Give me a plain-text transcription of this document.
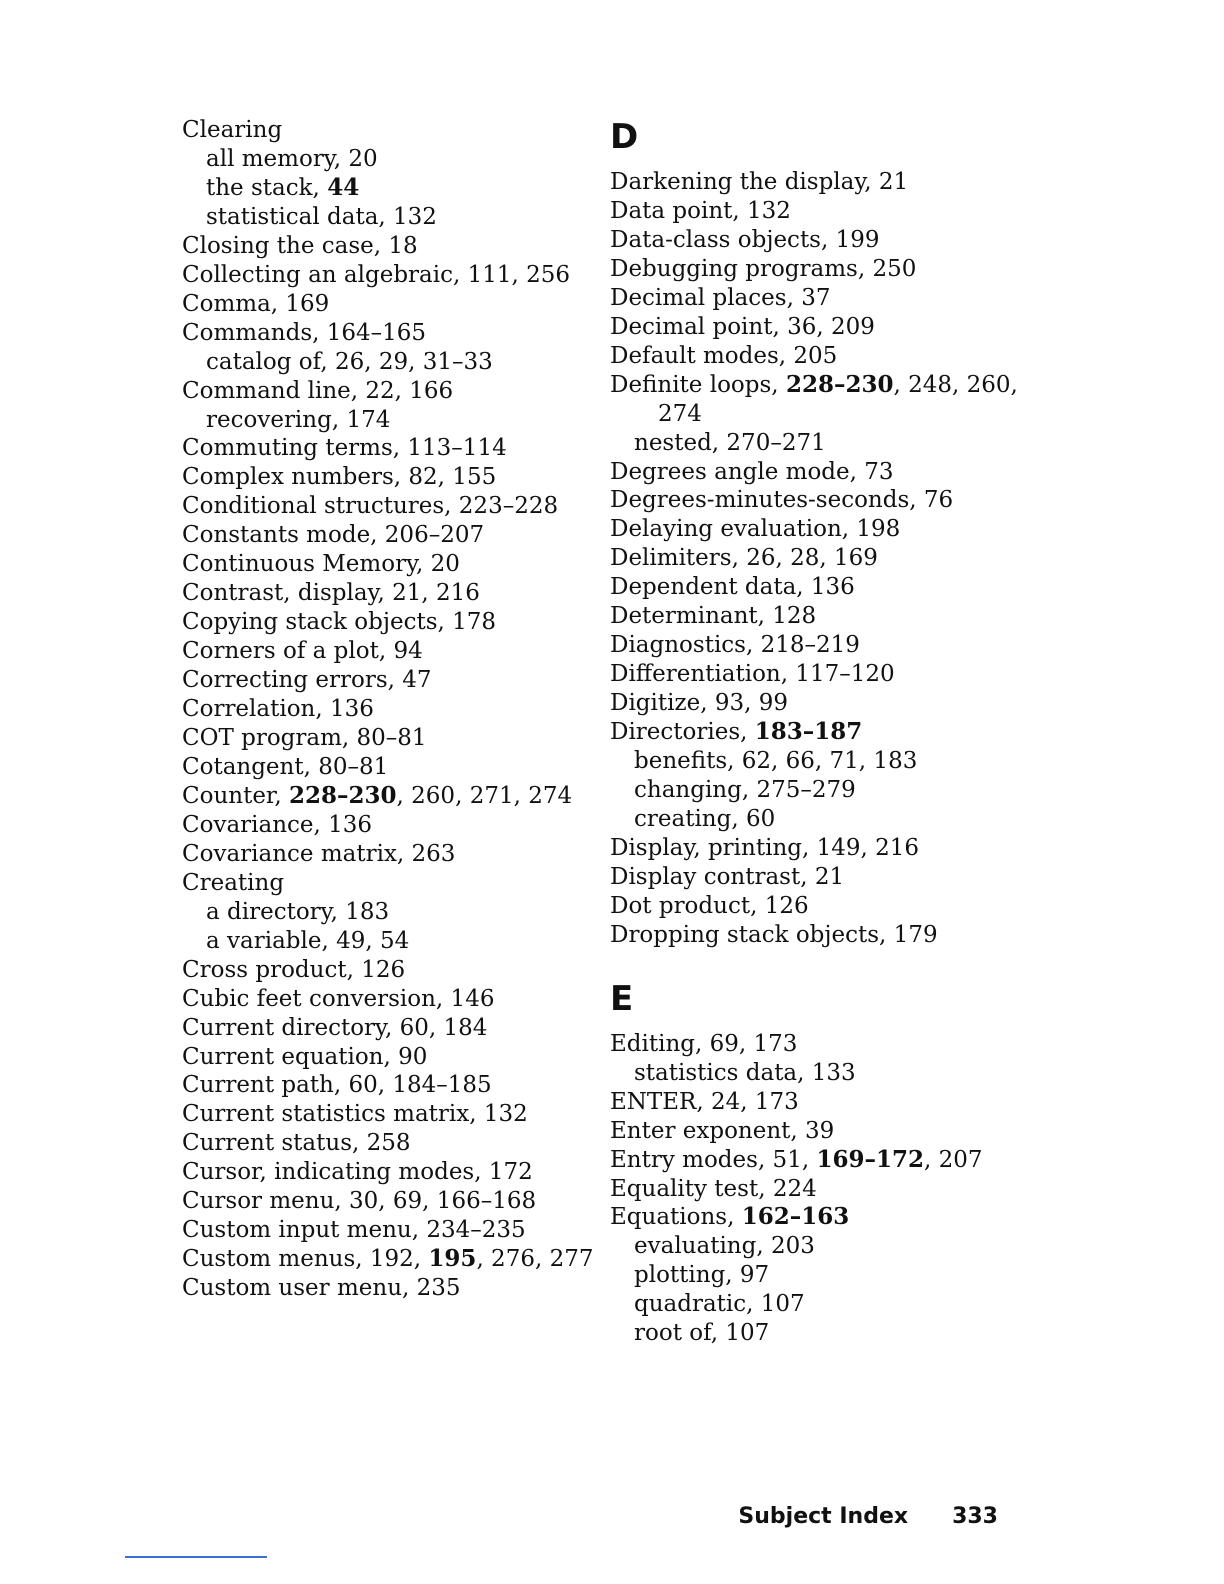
Clearing
all memory, 20
the stack, 44
statistical data, 132
Closing the case, 18
Collecting an algebraic, 111, 256
Comma, 169
Commands, 164–165
catalog of, 26, 29, 31–33
Command line, 22, 166
recovering, 174
Commuting terms, 113–114
Complex numbers, 82, 155
Conditional structures, 223–228
Constants mode, 206–207
Continuous Memory, 20
Contrast, display, 21, 216
Copying stack objects, 178
Corners of a plot, 94
Correcting errors, 47
Correlation, 136
COT program, 80–81
Cotangent, 80–81
Counter, 228–230, 260, 271, 274
Covariance, 136
Covariance matrix, 263
Creating
a directory, 183
a variable, 49, 54
Cross product, 126
Cubic feet conversion, 146
Current directory, 60, 184
Current equation, 90
Current path, 60, 184–185
Current statistics matrix, 132
Current status, 258
Cursor, indicating modes, 172
Cursor menu, 30, 69, 166–168
Custom input menu, 234–235
Custom menus, 192, 195, 276, 277
Custom user menu, 235
D
Darkening the display, 21
Data point, 132
Data-class objects, 199
Debugging programs, 250
Decimal places, 37
Decimal point, 36, 209
Default modes, 205
Definite loops, 228–230, 248, 260,
274
nested, 270–271
Degrees angle mode, 73
Degrees-minutes-seconds, 76
Delaying evaluation, 198
Delimiters, 26, 28, 169
Dependent data, 136
Determinant, 128
Diagnostics, 218–219
Differentiation, 117–120
Digitize, 93, 99
Directories, 183–187
benefits, 62, 66, 71, 183
changing, 275–279
creating, 60
Display, printing, 149, 216
Display contrast, 21
Dot product, 126
Dropping stack objects, 179
E
Editing, 69, 173
statistics data, 133
ENTER, 24, 173
Enter exponent, 39
Entry modes, 51, 169–172, 207
Equality test, 224
Equations, 162–163
evaluating, 203
plotting, 97
quadratic, 107
root of, 107
Subject Index 333
